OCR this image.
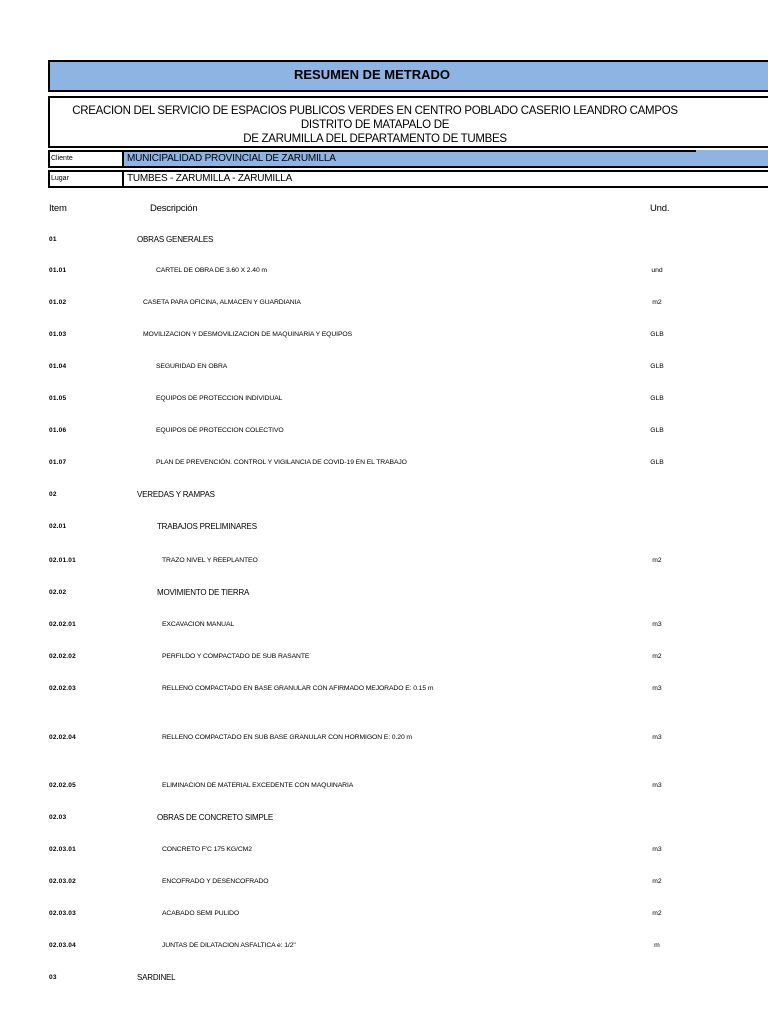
RESUMEN DE METRADO
CREACION DEL SERVICIO DE ESPACIOS PUBLICOS VERDES EN CENTRO POBLADO CASERIO LEANDRO CAMPOS DISTRITO DE MATAPALO DE
DE ZARUMILLA DEL DEPARTAMENTO DE TUMBES
Cliente	MUNICIPALIDAD PROVINCIAL DE ZARUMILLA
Lugar	TUMBES - ZARUMILLA - ZARUMILLA
Item	Descripción	Und.
01	OBRAS GENERALES
01.01	CARTEL DE OBRA DE 3.60 X 2.40 m	und
01.02	CASETA PARA OFICINA, ALMACEN Y GUARDIANIA	m2
01.03	MOVILIZACION Y DESMOVILIZACION DE MAQUINARIA Y EQUIPOS	GLB
01.04	SEGURIDAD EN OBRA	GLB
01.05	EQUIPOS DE PROTECCION INDIVIDUAL	GLB
01.06	EQUIPOS DE PROTECCION COLECTIVO	GLB
01.07	PLAN DE PREVENCIÓN. CONTROL Y VIGILANCIA DE COVID-19 EN EL TRABAJO	GLB
02	VEREDAS Y RAMPAS
02.01	TRABAJOS PRELIMINARES
02.01.01	TRAZO NIVEL Y REEPLANTEO	m2
02.02	MOVIMIENTO DE TIERRA
02.02.01	EXCAVACION MANUAL	m3
02.02.02	PERFILDO Y COMPACTADO DE SUB RASANTE	m2
02.02.03	RELLENO COMPACTADO EN BASE GRANULAR CON AFIRMADO MEJORADO E: 0.15 m	m3
02.02.04	RELLENO COMPACTADO EN SUB BASE GRANULAR CON HORMIGON E: 0.20 m	m3
02.02.05	ELIMINACION DE MATERIAL EXCEDENTE CON MAQUINARIA	m3
02.03	OBRAS DE CONCRETO SIMPLE
02.03.01	CONCRETO F'C 175 KG/CM2	m3
02.03.02	ENCOFRADO Y DESENCOFRADO	m2
02.03.03	ACABADO SEMI PULIDO	m2
02.03.04	JUNTAS DE DILATACION ASFALTICA e: 1/2"	m
03	SARDINEL
